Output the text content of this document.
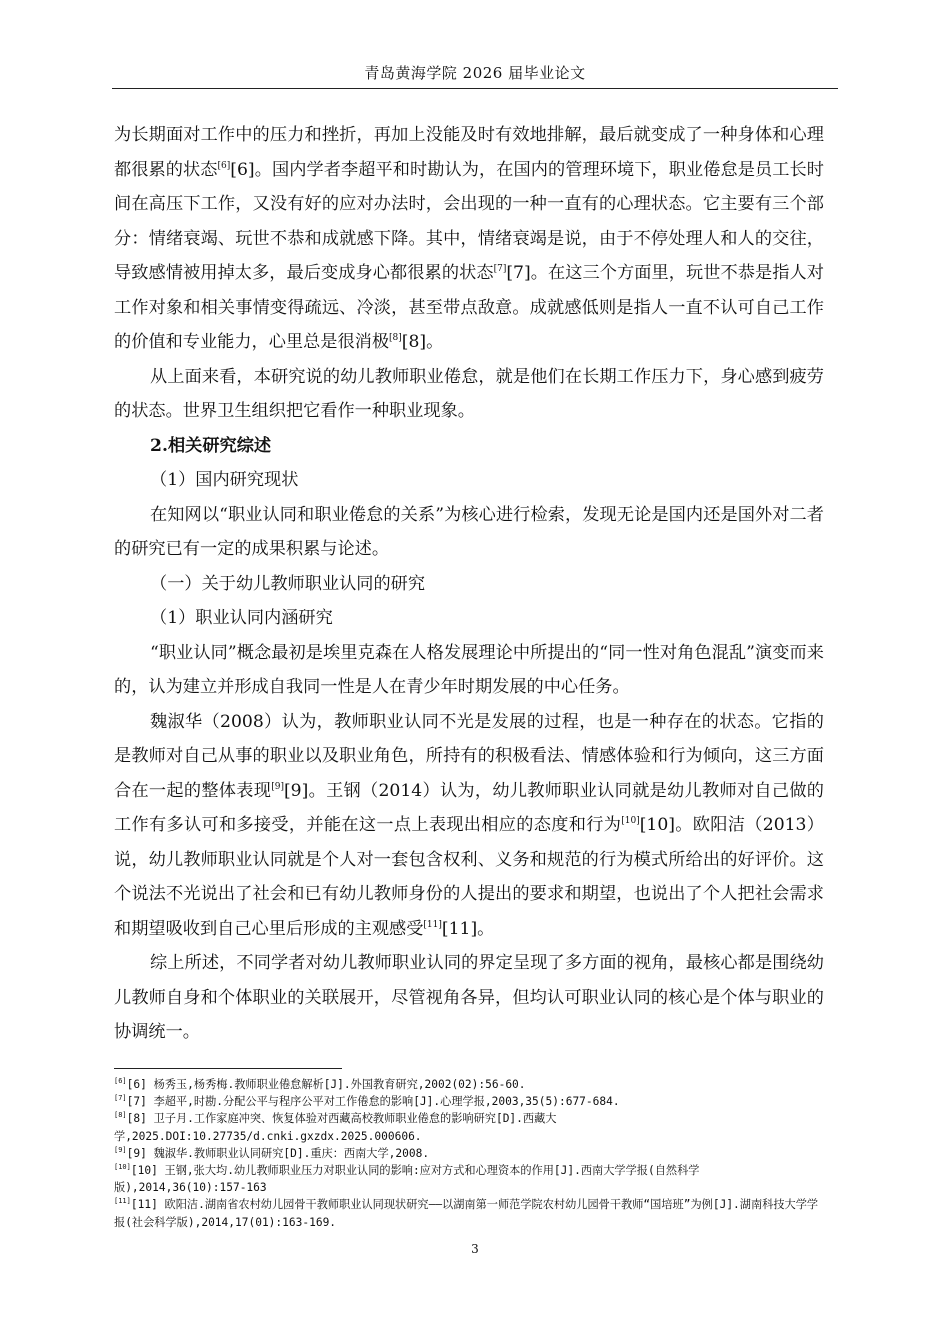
青岛黄海学院 2026 届毕业论文

为长期面对工作中的压力和挫折，再加上没能及时有效地排解，最后就变成了一种身体和心理都很累的状态[6][6]。国内学者李超平和时勘认为，在国内的管理环境下，职业倦怠是员工长时间在高压下工作，又没有好的应对办法时，会出现的一种一直有的心理状态。它主要有三个部分：情绪衰竭、玩世不恭和成就感下降。其中，情绪衰竭是说，由于不停处理人和人的交往，导致感情被用掉太多，最后变成身心都很累的状态[7][7]。在这三个方面里，玩世不恭是指人对工作对象和相关事情变得疏远、冷淡，甚至带点敌意。成就感低则是指人一直不认可自己工作的价值和专业能力，心里总是很消极[8][8]。

从上面来看，本研究说的幼儿教师职业倦怠，就是他们在长期工作压力下，身心感到疲劳的状态。世界卫生组织把它看作一种职业现象。

2.相关研究综述

（1）国内研究现状

在知网以“职业认同和职业倦怠的关系”为核心进行检索，发现无论是国内还是国外对二者的研究已有一定的成果积累与论述。

（一）关于幼儿教师职业认同的研究

（1）职业认同内涵研究

“职业认同”概念最初是埃里克森在人格发展理论中所提出的“同一性对角色混乱”演变而来的，认为建立并形成自我同一性是人在青少年时期发展的中心任务。

魏淑华（2008）认为，教师职业认同不光是发展的过程，也是一种存在的状态。它指的是教师对自己从事的职业以及职业角色，所持有的积极看法、情感体验和行为倾向，这三方面合在一起的整体表现[9][9]。王钢（2014）认为，幼儿教师职业认同就是幼儿教师对自己做的工作有多认可和多接受，并能在这一点上表现出相应的态度和行为[10][10]。欧阳洁（2013）说，幼儿教师职业认同就是个人对一套包含权利、义务和规范的行为模式所给出的好评价。这个说法不光说出了社会和已有幼儿教师身份的人提出的要求和期望，也说出了个人把社会需求和期望吸收到自己心里后形成的主观感受[11][11]。

综上所述，不同学者对幼儿教师职业认同的界定呈现了多方面的视角，最核心都是围绕幼儿教师自身和个体职业的关联展开，尽管视角各异，但均认可职业认同的核心是个体与职业的协调统一。

[6][6] 杨秀玉,杨秀梅.教师职业倦怠解析[J].外国教育研究,2002(02):56-60.

[7][7] 李超平,时勘.分配公平与程序公平对工作倦怠的影响[J].心理学报,2003,35(5):677-684.

[8][8] 卫子月.工作家庭冲突、恢复体验对西藏高校教师职业倦怠的影响研究[D].西藏大学,2025.DOI:10.27735/d.cnki.gxzdx.2025.000606.

[9][9] 魏淑华.教师职业认同研究[D].重庆：西南大学,2008.

[10][10] 王钢,张大均.幼儿教师职业压力对职业认同的影响:应对方式和心理资本的作用[J].西南大学学报(自然科学版),2014,36(10):157-163

[11][11] 欧阳洁.湖南省农村幼儿园骨干教师职业认同现状研究——以湖南第一师范学院农村幼儿园骨干教师“国培班”为例[J].湖南科技大学学报(社会科学版),2014,17(01):163-169.

3
